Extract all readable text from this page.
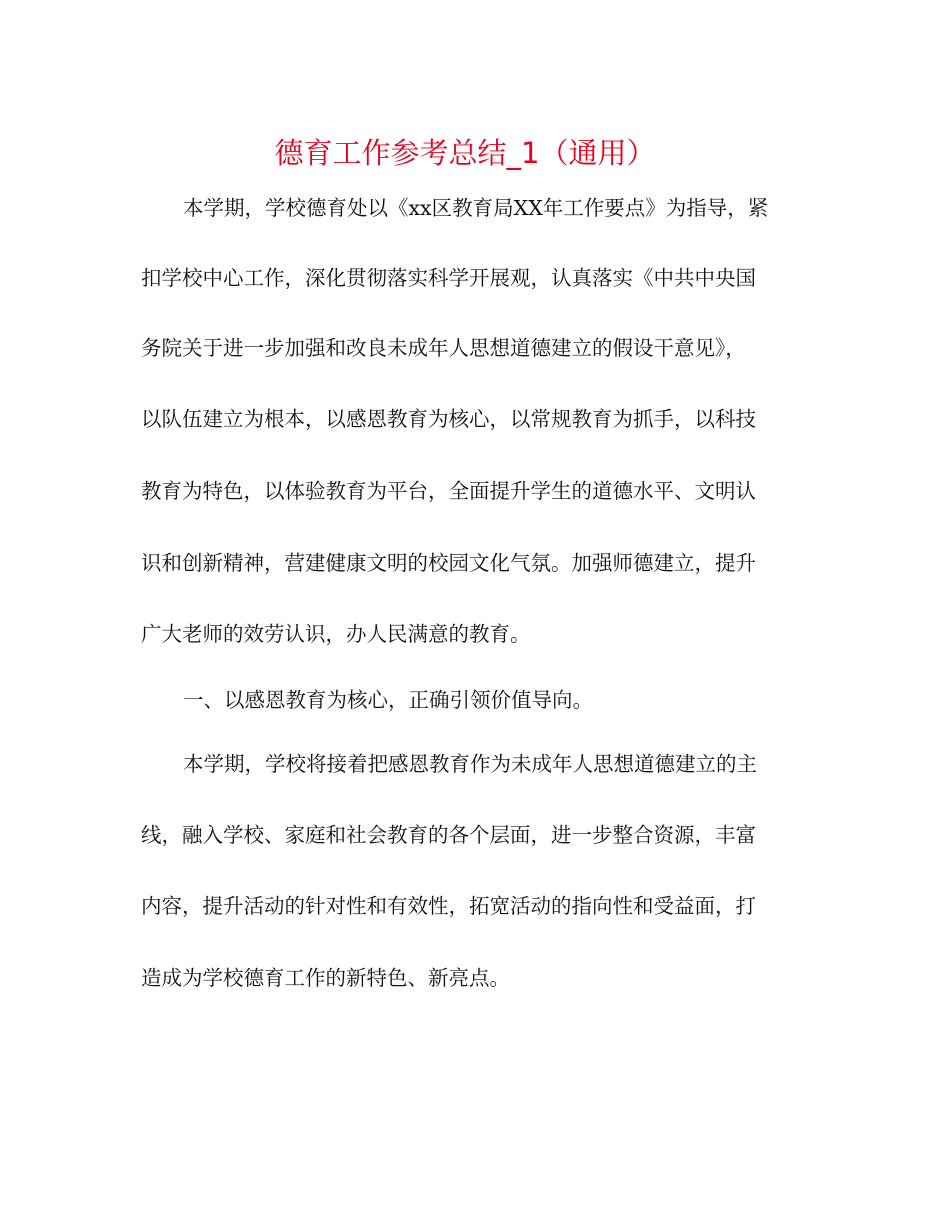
德育工作参考总结_1（通用）
本学期，学校德育处以《xx区教育局XX年工作要点》为指导，紧
扣学校中心工作，深化贯彻落实科学开展观，认真落实《中共中央国
务院关于进一步加强和改良未成年人思想道德建立的假设干意见》，
以队伍建立为根本，以感恩教育为核心，以常规教育为抓手，以科技
教育为特色，以体验教育为平台，全面提升学生的道德水平、文明认
识和创新精神，营建健康文明的校园文化气氛。加强师德建立，提升
广大老师的效劳认识，办人民满意的教育。
一、以感恩教育为核心，正确引领价值导向。
本学期，学校将接着把感恩教育作为未成年人思想道德建立的主
线，融入学校、家庭和社会教育的各个层面，进一步整合资源，丰富
内容，提升活动的针对性和有效性，拓宽活动的指向性和受益面，打
造成为学校德育工作的新特色、新亮点。
